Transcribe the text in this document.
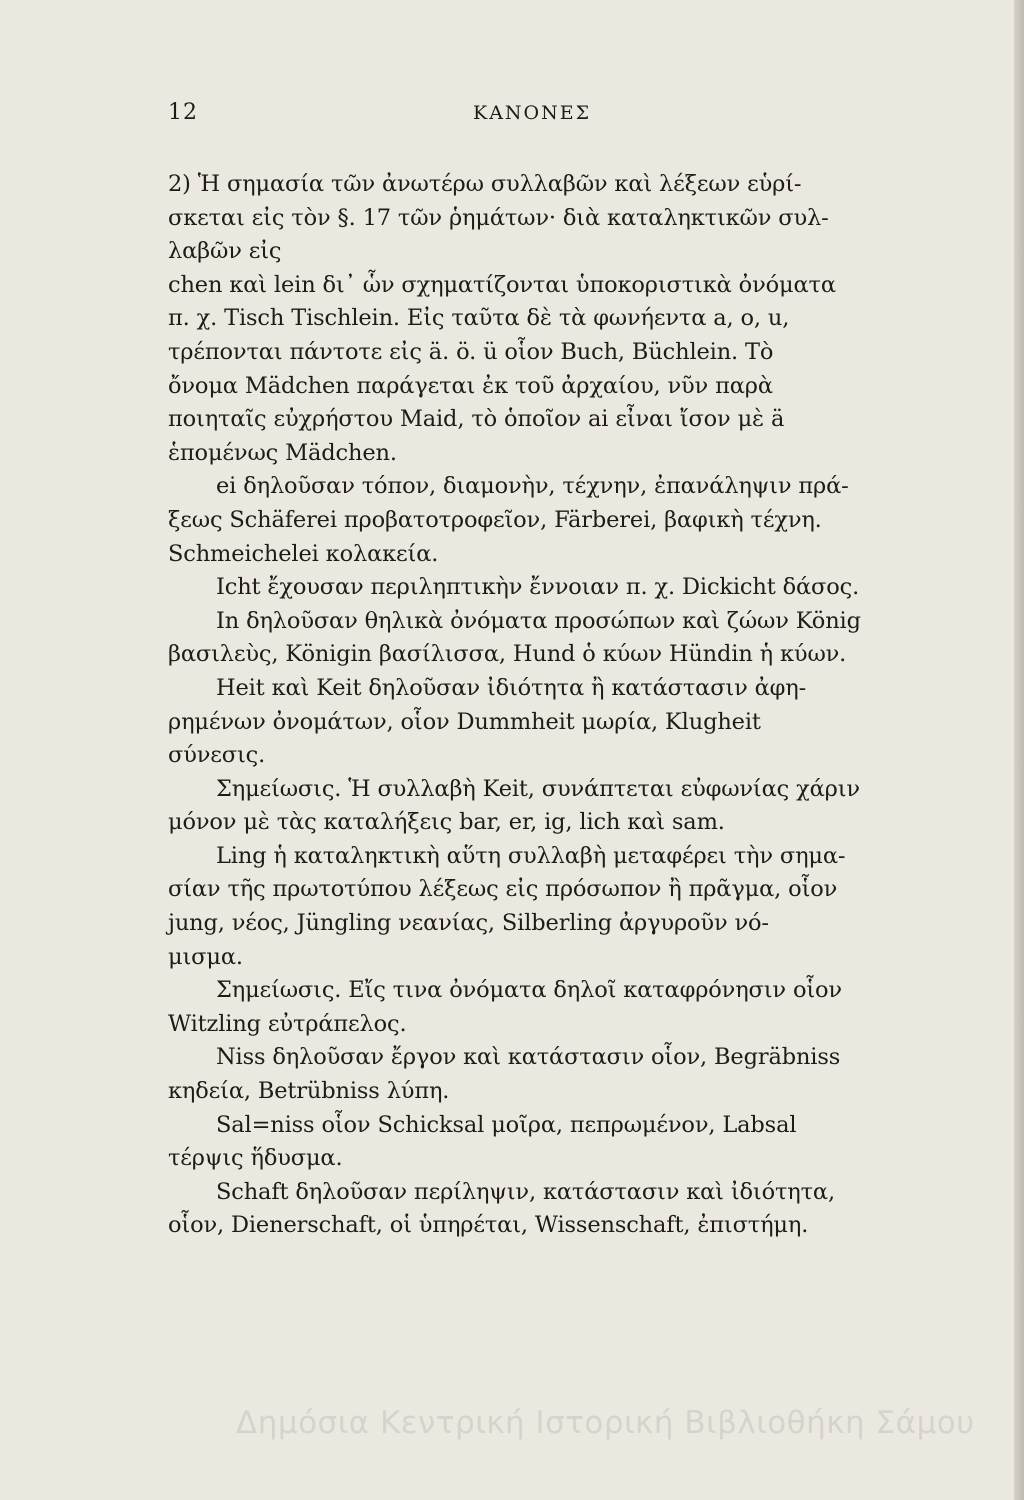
12	ΚΑΝΟΝΕΣ
2) Ἡ σημασία τῶν ἀνωτέρω συλλαβῶν καὶ λέξεων εὑρί-
σκεται εἰς τὸν §. 17 τῶν ῥημάτων· διὰ καταληκτικῶν συλ-
λαβῶν εἰς
chen καὶ lein δι᾽ ὧν σχηματίζονται ὑποκοριστικὰ ὀνόματα
π. χ. Tisch Tischlein. Εἰς ταῦτα δὲ τὰ φωνήεντα a, o, u,
τρέπονται πάντοτε εἰς ä. ö. ü οἷον Buch, Büchlein. Τὸ
ὄνομα Mädchen παράγεται ἐκ τοῦ ἀρχαίου, νῦν παρὰ
ποιηταῖς εὐχρήστου Maid, τὸ ὁποῖον ai εἶναι ἴσον μὲ ä
ἑπομένως Mädchen.
ei δηλοῦσαν τόπον, διαμονὴν, τέχνην, ἐπανάληψιν πρά-
ξεως Schäferei προβατοτροφεῖον, Färberei, βαφικὴ τέχνη.
Schmeichelei κολακεία.
Icht ἔχουσαν περιληπτικὴν ἔννοιαν π. χ. Dickicht δάσος.
In δηλοῦσαν θηλικὰ ὀνόματα προσώπων καὶ ζώων König
βασιλεὺς, Königin βασίλισσα, Hund ὁ κύων Hündin ἡ κύων.
Heit καὶ Keit δηλοῦσαν ἰδιότητα ἢ κατάστασιν ἀφη-
ρημένων ὀνομάτων, οἷον Dummheit μωρία, Klugheit
σύνεσις.
Σημείωσις. Ἡ συλλαβὴ Keit, συνάπτεται εὐφωνίας χάριν
μόνον μὲ τὰς καταλήξεις bar, er, ig, lich καὶ sam.
Ling ἡ καταληκτικὴ αὕτη συλλαβὴ μεταφέρει τὴν σημα-
σίαν τῆς πρωτοτύπου λέξεως εἰς πρόσωπον ἢ πρᾶγμα, οἷον
jung, νέος, Jüngling νεανίας, Silberling ἀργυροῦν νό-
μισμα.
Σημείωσις. Εἴς τινα ὀνόματα δηλοῖ καταφρόνησιν οἷον
Witzling εὐτράπελος.
Niss δηλοῦσαν ἔργον καὶ κατάστασιν οἷον, Begräbniss
κηδεία, Betrübniss λύπη.
Sal=niss οἷον Schicksal μοῖρα, πεπρωμένον, Labsal
τέρψις ἥδυσμα.
Schaft δηλοῦσαν περίληψιν, κατάστασιν καὶ ἰδιότητα,
οἷον, Dienerschaft, οἱ ὑπηρέται, Wissenschaft, ἐπιστήμη.
Δημόσια Κεντρική Ιστορική Βιβλιοθήκη Σάμου
